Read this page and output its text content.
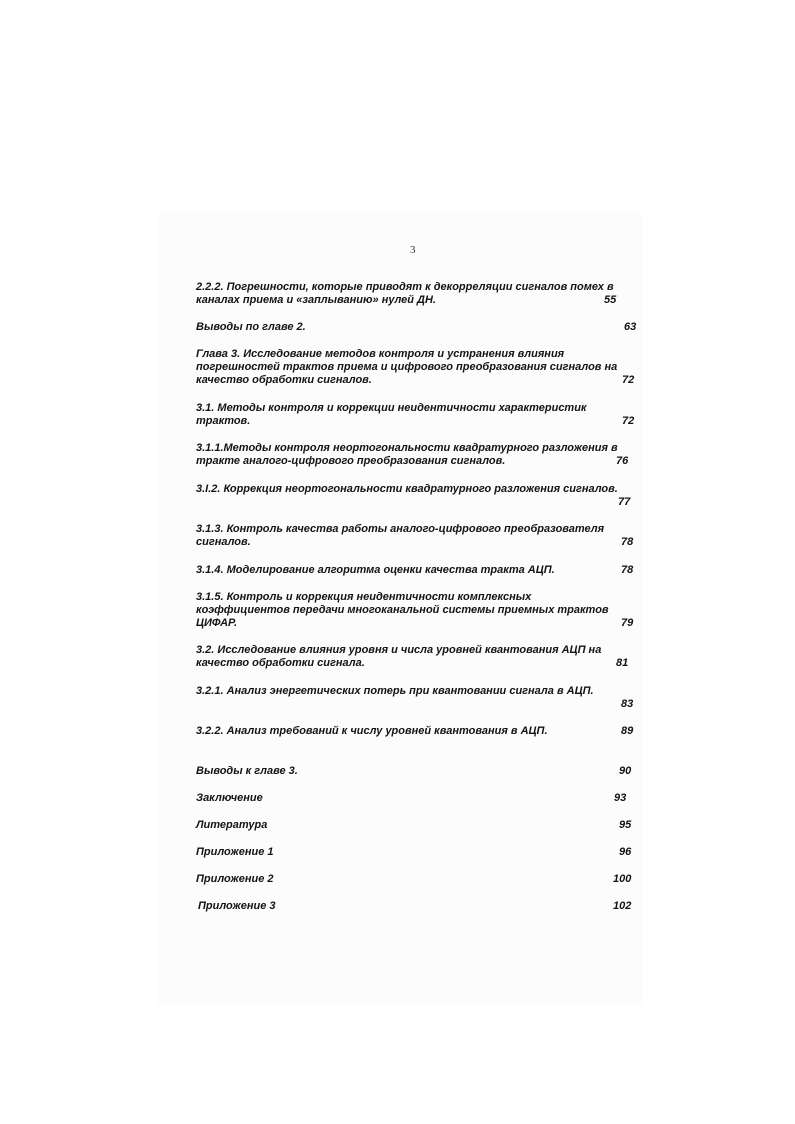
3
2.2.2. Погрешности, которые приводят к декорреляции сигналов помех в
каналах приема и «заплыванию» нулей ДН.	55
Выводы по главе 2.	63
Глава 3. Исследование методов контроля и устранения влияния
погрешностей трактов приема и цифрового преобразования сигналов на
качество обработки сигналов.	72
3.1. Методы контроля и коррекции неидентичности характеристик
трактов.	72
3.1.1.Методы контроля неортогональности квадратурного разложения в
тракте аналого-цифрового преобразования сигналов.	76
3.I.2. Коррекция неортогональности квадратурного разложения сигналов.
77
3.1.3. Контроль качества работы аналого-цифрового преобразователя
сигналов.	78
3.1.4. Моделирование алгоритма оценки качества тракта АЦП.	78
3.1.5. Контроль и коррекция неидентичности комплексных
коэффициентов передачи многоканальной системы приемных трактов
ЦИФАР.	79
3.2. Исследование влияния уровня и числа уровней квантования АЦП на
качество обработки сигнала.	81
3.2.1. Анализ энергетических потерь при квантовании сигнала в АЦП.
83
3.2.2. Анализ требований к числу уровней квантования в АЦП.	89
Выводы к главе 3.	90
Заключение	93
Литература	95
Приложение 1	96
Приложение 2	100
Приложение 3	102
